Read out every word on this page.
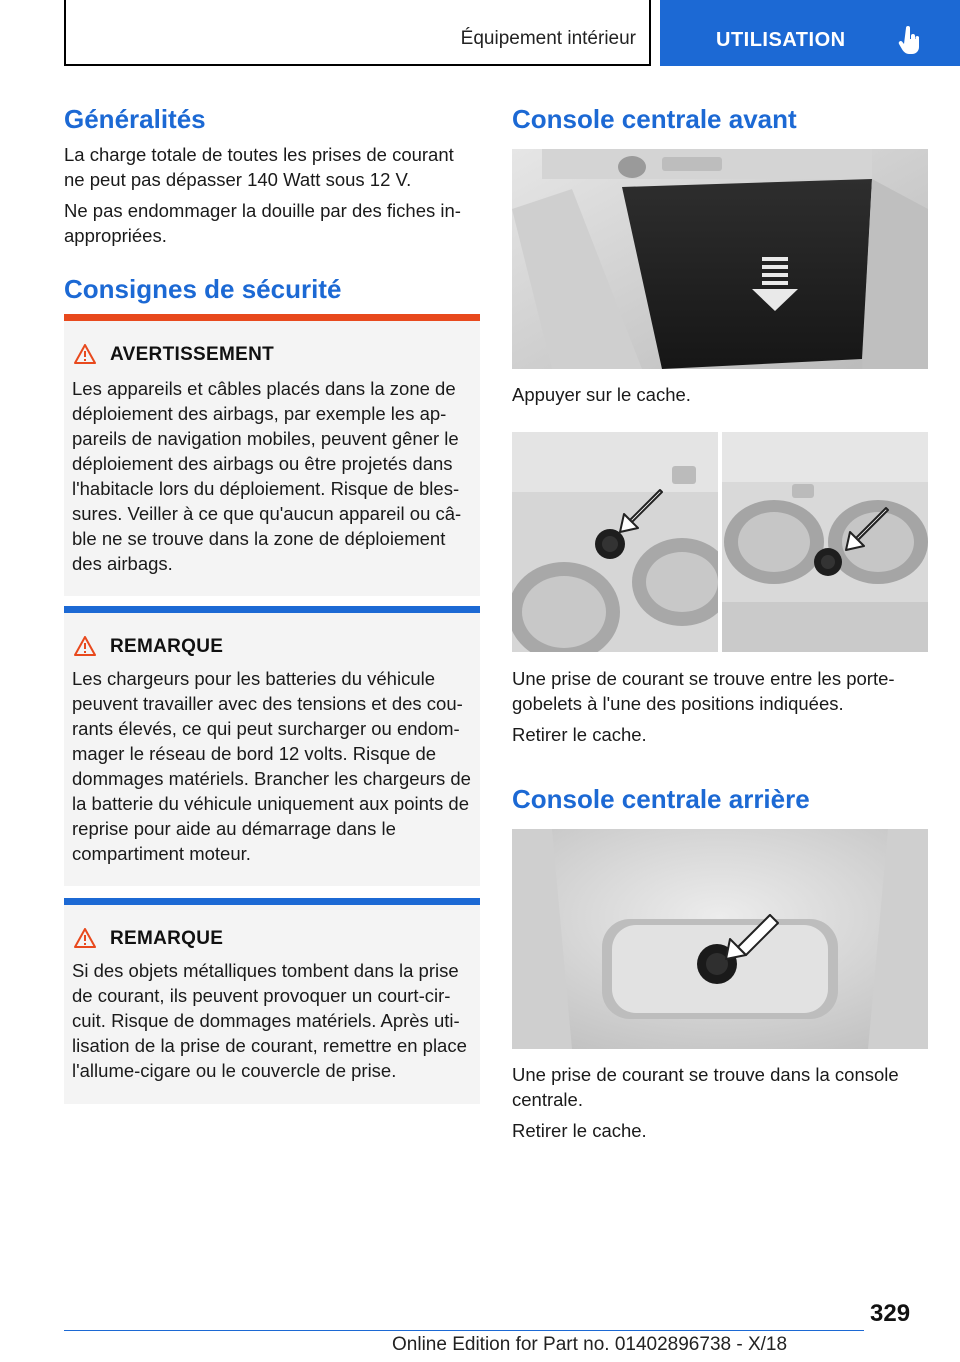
Équipement intérieur	UTILISATION
Généralités
La charge totale de toutes les prises de courant ne peut pas dépasser 140 Watt sous 12 V.
Ne pas endommager la douille par des fiches in‐appropriées.
Consignes de sécurité
AVERTISSEMENT
Les appareils et câbles placés dans la zone de déploiement des airbags, par exemple les ap‐pareils de navigation mobiles, peuvent gêner le déploiement des airbags ou être projetés dans l'habitacle lors du déploiement. Risque de bles‐sures. Veiller à ce que qu'aucun appareil ou câ‐ble ne se trouve dans la zone de déploiement des airbags.
REMARQUE
Les chargeurs pour les batteries du véhicule peuvent travailler avec des tensions et des cou‐rants élevés, ce qui peut surcharger ou endom‐mager le réseau de bord 12 volts. Risque de dommages matériels. Brancher les chargeurs de la batterie du véhicule uniquement aux points de reprise pour aide au démarrage dans le compartiment moteur.
REMARQUE
Si des objets métalliques tombent dans la prise de courant, ils peuvent provoquer un court-cir‐cuit. Risque de dommages matériels. Après uti‐lisation de la prise de courant, remettre en place l'allume-cigare ou le couvercle de prise.
Console centrale avant
Appuyer sur le cache.
Une prise de courant se trouve entre les porte-gobelets à l'une des positions indiquées.
Retirer le cache.
Console centrale arrière
Une prise de courant se trouve dans la console centrale.
Retirer le cache.
329
Online Edition for Part no. 01402896738 - X/18
